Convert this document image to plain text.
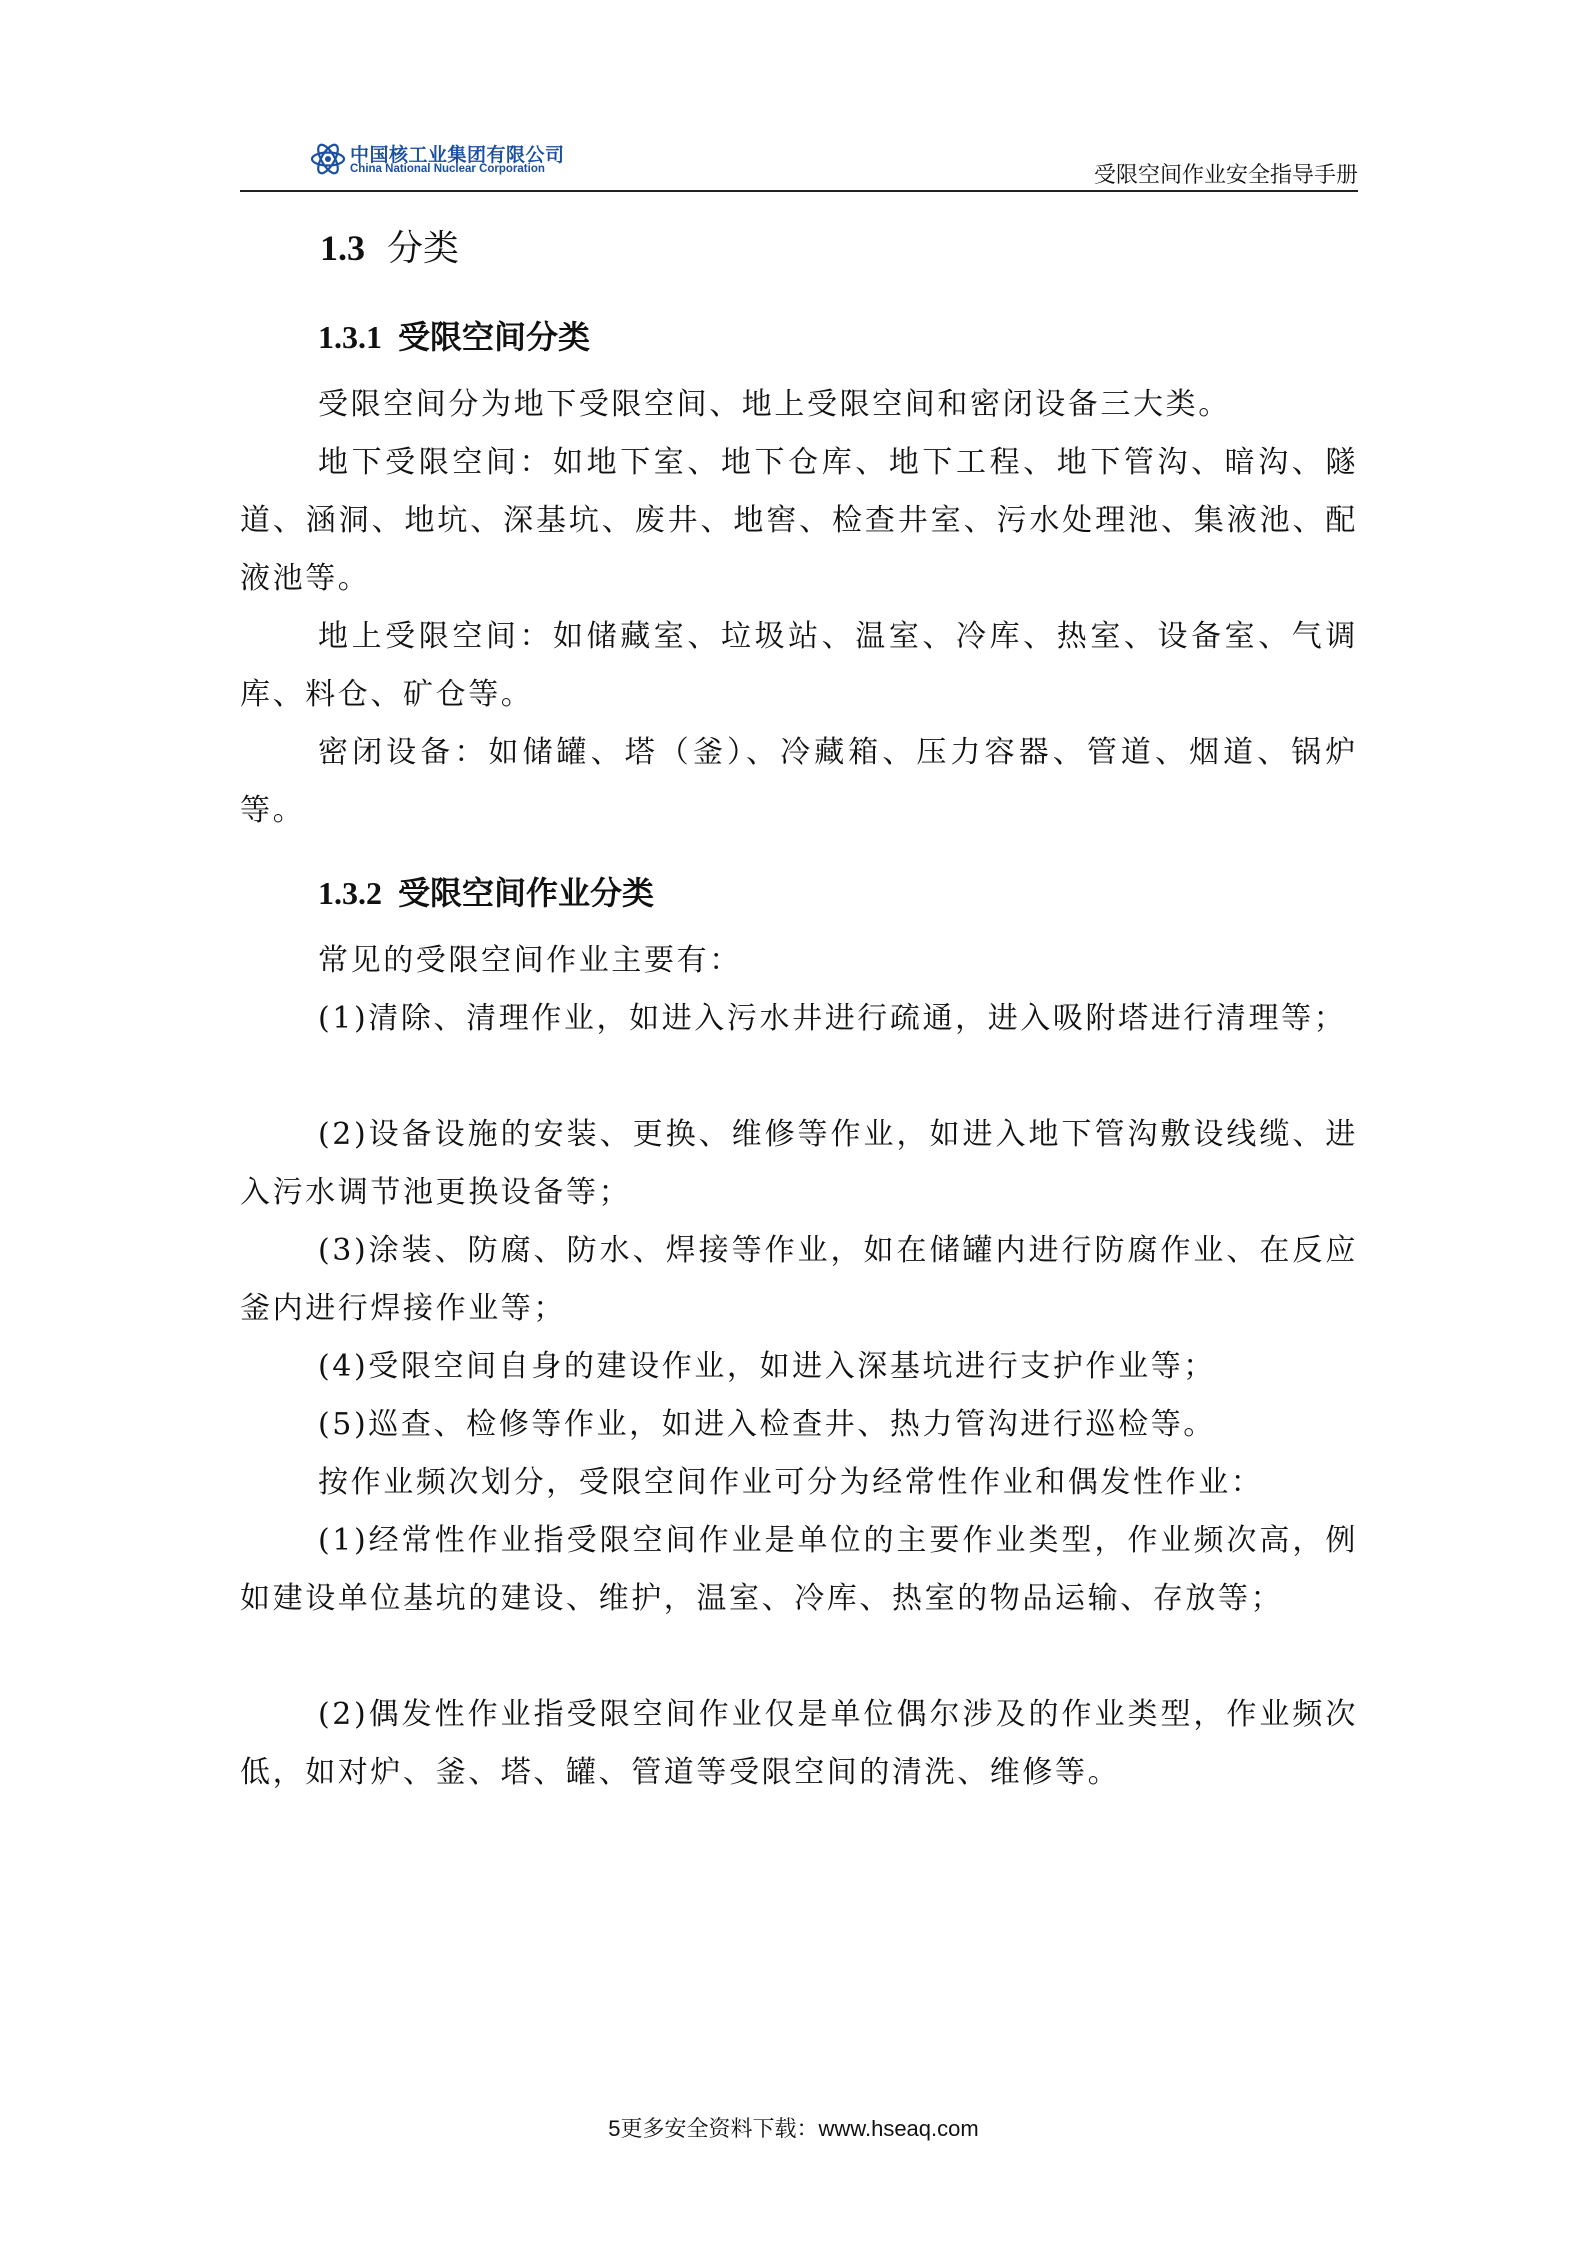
中国核工业集团有限公司
China National Nuclear Corporation	受限空间作业安全指导手册
1.3 分类
1.3.1 受限空间分类

受限空间分为地下受限空间、地上受限空间和密闭设备三大类。

地下受限空间：如地下室、地下仓库、地下工程、地下管沟、暗沟、隧道、涵洞、地坑、深基坑、废井、地窖、检查井室、污水处理池、集液池、配液池等。

地上受限空间：如储藏室、垃圾站、温室、冷库、热室、设备室、气调库、料仓、矿仓等。

密闭设备：如储罐、塔（釜）、冷藏箱、压力容器、管道、烟道、锅炉等。

1.3.2 受限空间作业分类

常见的受限空间作业主要有：

(1)清除、清理作业，如进入污水井进行疏通，进入吸附塔进行清理等；

(2)设备设施的安装、更换、维修等作业，如进入地下管沟敷设线缆、进入污水调节池更换设备等；

(3)涂装、防腐、防水、焊接等作业，如在储罐内进行防腐作业、在反应釜内进行焊接作业等；

(4)受限空间自身的建设作业，如进入深基坑进行支护作业等；

(5)巡查、检修等作业，如进入检查井、热力管沟进行巡检等。

按作业频次划分，受限空间作业可分为经常性作业和偶发性作业：

(1)经常性作业指受限空间作业是单位的主要作业类型，作业频次高，例如建设单位基坑的建设、维护，温室、冷库、热室的物品运输、存放等；

(2)偶发性作业指受限空间作业仅是单位偶尔涉及的作业类型，作业频次低，如对炉、釜、塔、罐、管道等受限空间的清洗、维修等。

5更多安全资料下载：www.hseaq.com
